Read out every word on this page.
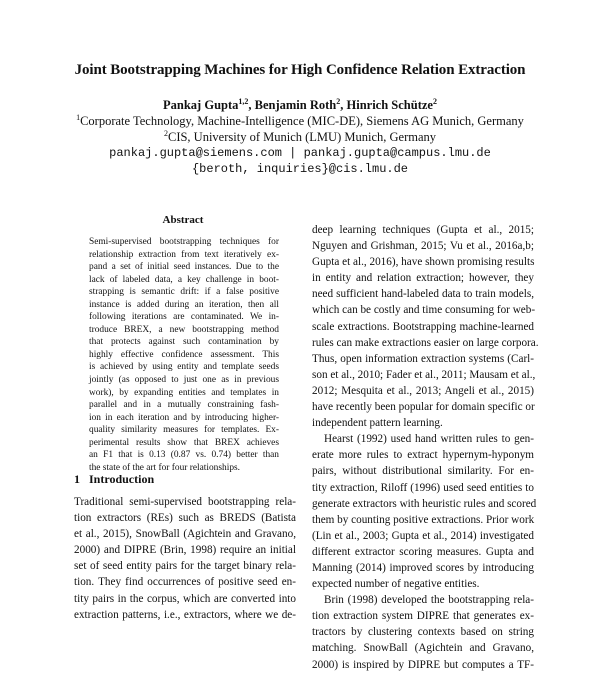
Joint Bootstrapping Machines for High Confidence Relation Extraction
Pankaj Gupta$^{1,2}$, Benjamin Roth$^2$, Hinrich Schütze$^2$
$^1$Corporate Technology, Machine-Intelligence (MIC-DE), Siemens AG Munich, Germany
$^2$CIS, University of Munich (LMU) Munich, Germany
pankaj.gupta@siemens.com | pankaj.gupta@campus.lmu.de
{beroth, inquiries}@cis.lmu.de
Abstract
Semi-supervised bootstrapping techniques for
relationship extraction from text iteratively ex-
pand a set of initial seed instances. Due to the
lack of labeled data, a key challenge in boot-
strapping is semantic drift: if a false positive
instance is added during an iteration, then all
following iterations are contaminated. We in-
troduce BREX, a new bootstrapping method
that protects against such contamination by
highly effective confidence assessment. This
is achieved by using entity and template seeds
jointly (as opposed to just one as in previous
work), by expanding entities and templates in
parallel and in a mutually constraining fash-
ion in each iteration and by introducing higher-
quality similarity measures for templates. Ex-
perimental results show that BREX achieves
an F1 that is 0.13 (0.87 vs. 0.74) better than
the state of the art for four relationships.
1 Introduction
Traditional semi-supervised bootstrapping rela-
tion extractors (REs) such as BREDS (Batista
et al., 2015), SnowBall (Agichtein and Gravano,
2000) and DIPRE (Brin, 1998) require an initial
set of seed entity pairs for the target binary rela-
tion. They find occurrences of positive seed en-
tity pairs in the corpus, which are converted into
extraction patterns, i.e., extractors, where we de-

deep learning techniques (Gupta et al., 2015;
Nguyen and Grishman, 2015; Vu et al., 2016a,b;
Gupta et al., 2016), have shown promising results
in entity and relation extraction; however, they
need sufficient hand-labeled data to train models,
which can be costly and time consuming for web-
scale extractions. Bootstrapping machine-learned
rules can make extractions easier on large corpora.
Thus, open information extraction systems (Carl-
son et al., 2010; Fader et al., 2011; Mausam et al.,
2012; Mesquita et al., 2013; Angeli et al., 2015)
have recently been popular for domain specific or
independent pattern learning.

Hearst (1992) used hand written rules to gen-
erate more rules to extract hypernym-hyponym
pairs, without distributional similarity. For en-
tity extraction, Riloff (1996) used seed entities to
generate extractors with heuristic rules and scored
them by counting positive extractions. Prior work
(Lin et al., 2003; Gupta et al., 2014) investigated
different extractor scoring measures. Gupta and
Manning (2014) improved scores by introducing
expected number of negative entities.

Brin (1998) developed the bootstrapping rela-
tion extraction system DIPRE that generates ex-
tractors by clustering contexts based on string
matching. SnowBall (Agichtein and Gravano,
2000) is inspired by DIPRE but computes a TF-
